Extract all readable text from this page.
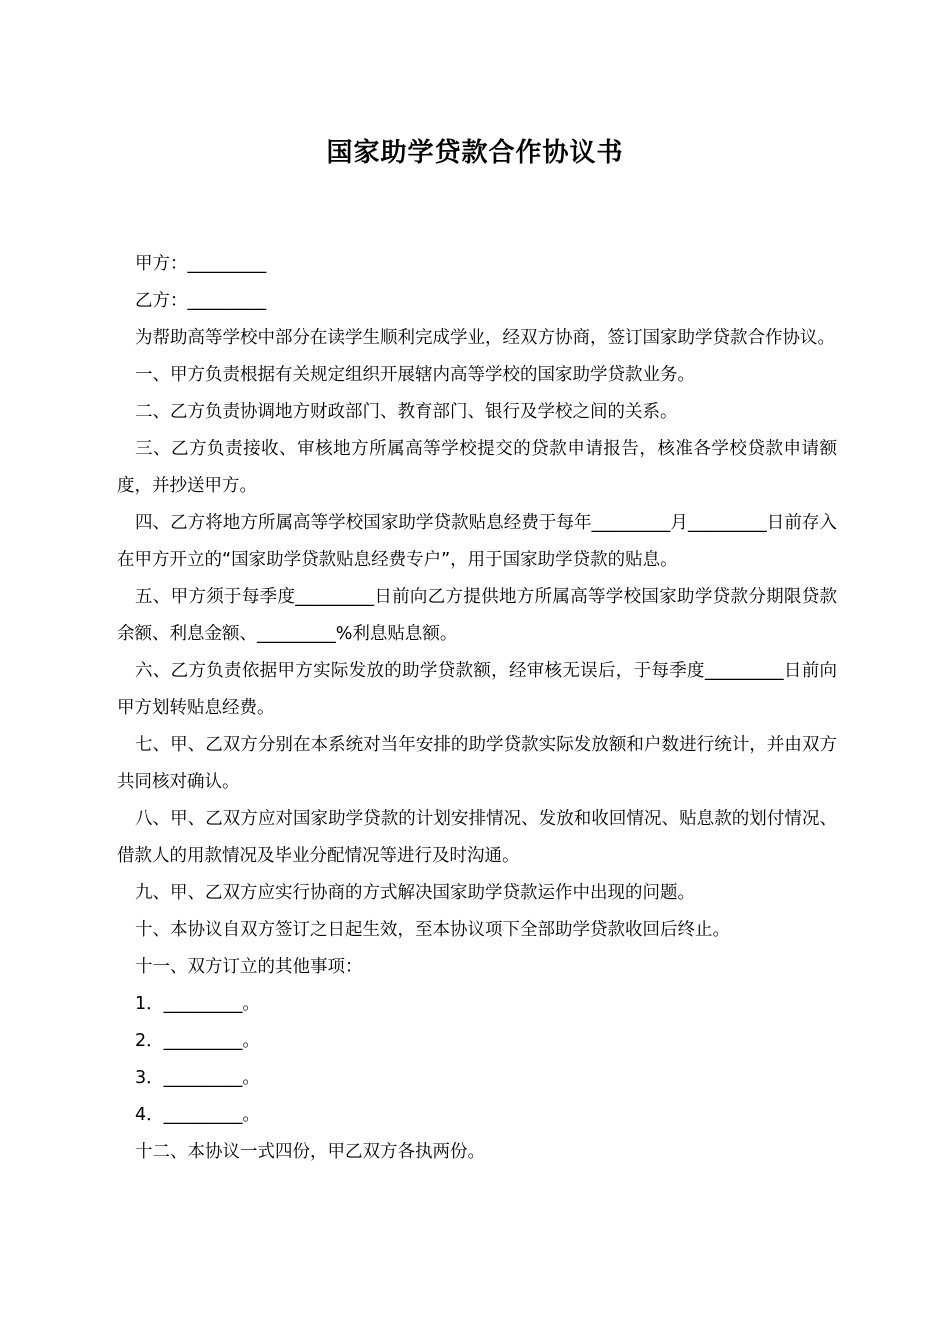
国家助学贷款合作协议书

甲方：_________

乙方：_________

为帮助高等学校中部分在读学生顺利完成学业，经双方协商，签订国家助学贷款合作协议。

一、甲方负责根据有关规定组织开展辖内高等学校的国家助学贷款业务。

二、乙方负责协调地方财政部门、教育部门、银行及学校之间的关系。

三、乙方负责接收、审核地方所属高等学校提交的贷款申请报告，核准各学校贷款申请额度，并抄送甲方。

四、乙方将地方所属高等学校国家助学贷款贴息经费于每年_________月_________日前存入在甲方开立的“国家助学贷款贴息经费专户”，用于国家助学贷款的贴息。

五、甲方须于每季度_________日前向乙方提供地方所属高等学校国家助学贷款分期限贷款余额、利息金额、_________%利息贴息额。

六、乙方负责依据甲方实际发放的助学贷款额，经审核无误后，于每季度_________日前向甲方划转贴息经费。

七、甲、乙双方分别在本系统对当年安排的助学贷款实际发放额和户数进行统计，并由双方共同核对确认。

八、甲、乙双方应对国家助学贷款的计划安排情况、发放和收回情况、贴息款的划付情况、借款人的用款情况及毕业分配情况等进行及时沟通。

九、甲、乙双方应实行协商的方式解决国家助学贷款运作中出现的问题。

十、本协议自双方签订之日起生效，至本协议项下全部助学贷款收回后终止。

十一、双方订立的其他事项：

1．_________。

2．_________。

3．_________。

4．_________。

十二、本协议一式四份，甲乙双方各执两份。
